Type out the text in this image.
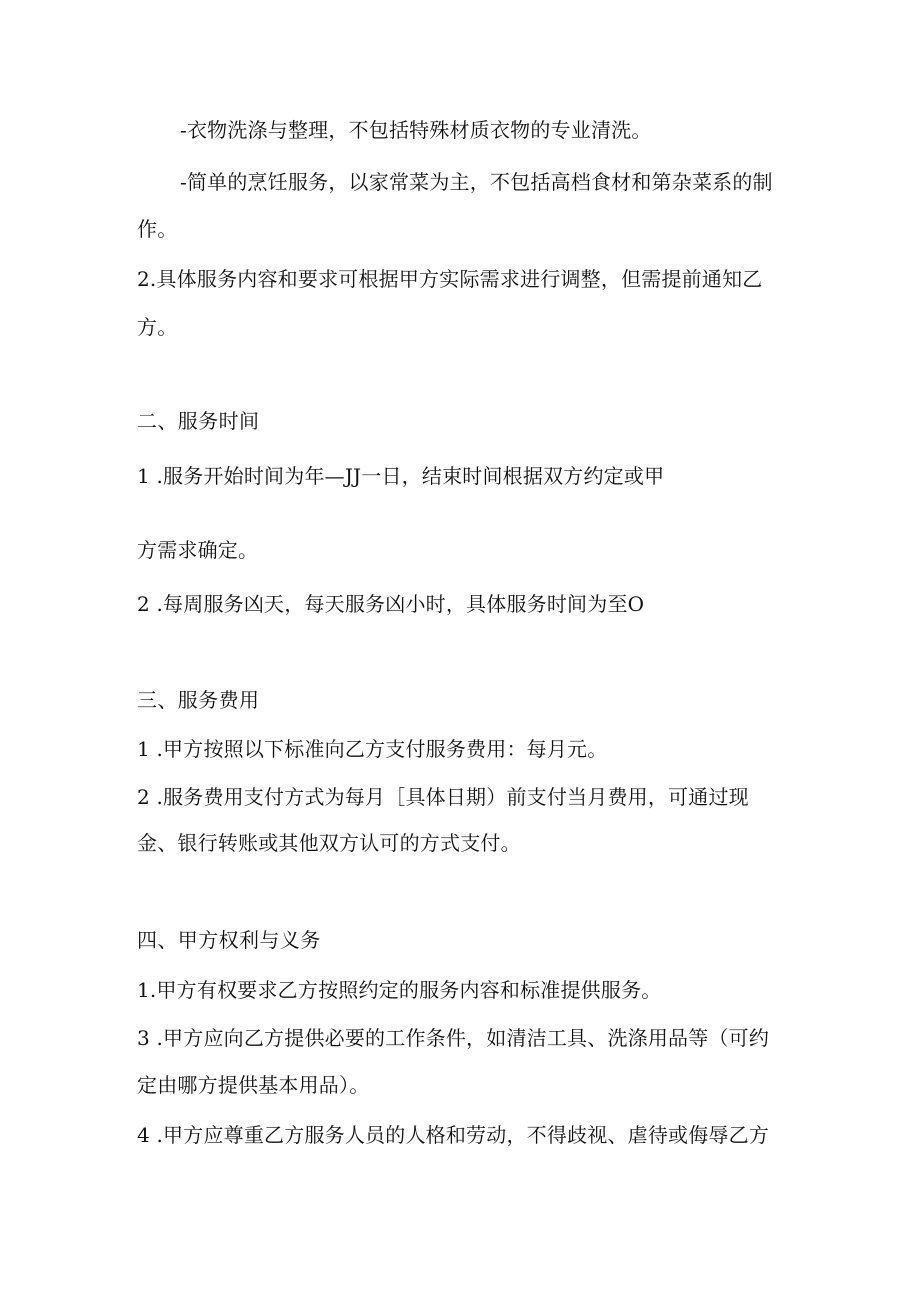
-衣物洗涤与整理，不包括特殊材质衣物的专业清洗。
-简单的烹饪服务，以家常菜为主，不包括高档食材和第杂菜系的制
作。
2.具体服务内容和要求可根据甲方实际需求进行调整，但需提前通知乙
方。
二、服务时间
1 .服务开始时间为年—JJ一日，结束时间根据双方约定或甲
方需求确定。
2 .每周服务凶天，每天服务凶小时，具体服务时间为至O
三、服务费用
1 .甲方按照以下标准向乙方支付服务费用：每月元。
2 .服务费用支付方式为每月［具体日期）前支付当月费用，可通过现
金、银行转账或其他双方认可的方式支付。
四、甲方权利与义务
1.甲方有权要求乙方按照约定的服务内容和标准提供服务。
3 .甲方应向乙方提供必要的工作条件，如清洁工具、洗涤用品等（可约
定由哪方提供基本用品）。
4 .甲方应尊重乙方服务人员的人格和劳动，不得歧视、虐待或侮辱乙方
